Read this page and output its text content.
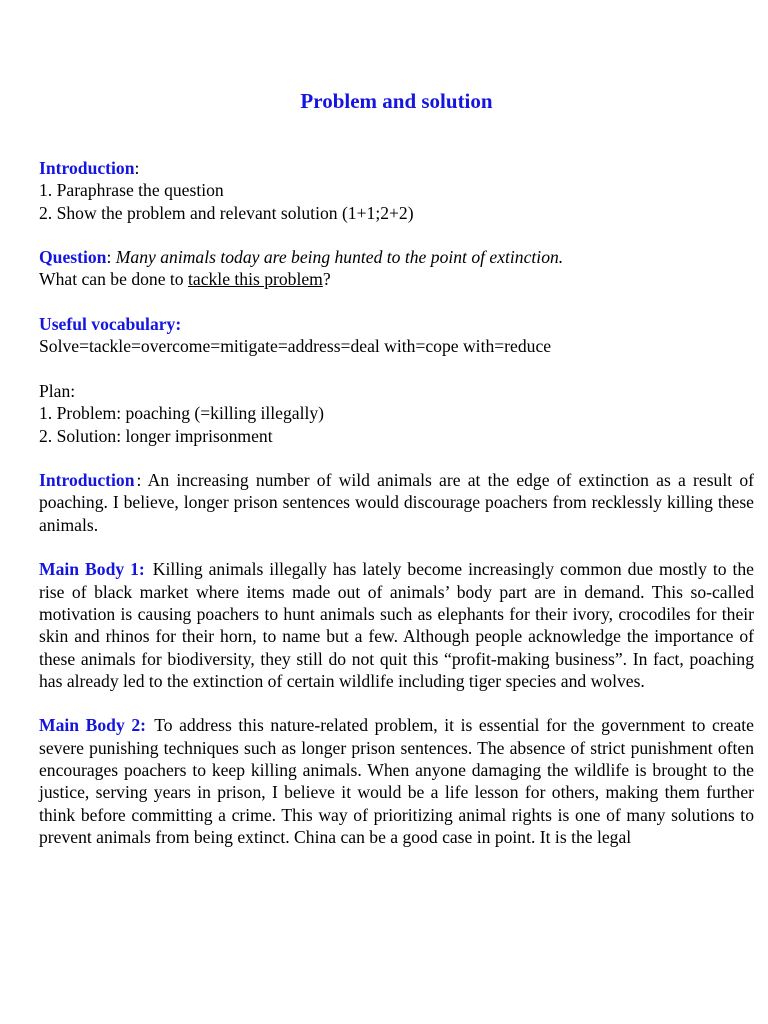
Problem and solution
Introduction:
1. Paraphrase the question
2. Show the problem and relevant solution (1+1;2+2)
Question: Many animals today are being hunted to the point of extinction.
What can be done to tackle this problem?
Useful vocabulary:
Solve=tackle=overcome=mitigate=address=deal with=cope with=reduce
Plan:
1. Problem: poaching (=killing illegally)
2. Solution: longer imprisonment
Introduction : An increasing number of wild animals are at the edge of extinction as a result of poaching. I believe, longer prison sentences would discourage poachers from recklessly killing these animals.
Main Body 1: Killing animals illegally has lately become increasingly common due mostly to the rise of black market where items made out of animals’ body part are in demand. This so-called motivation is causing poachers to hunt animals such as elephants for their ivory, crocodiles for their skin and rhinos for their horn, to name but a few. Although people acknowledge the importance of these animals for biodiversity, they still do not quit this “profit-making business”. In fact, poaching has already led to the extinction of certain wildlife including tiger species and wolves.
Main Body 2: To address this nature-related problem, it is essential for the government to create severe punishing techniques such as longer prison sentences. The absence of strict punishment often encourages poachers to keep killing animals. When anyone damaging the wildlife is brought to the justice, serving years in prison, I believe it would be a life lesson for others, making them further think before committing a crime. This way of prioritizing animal rights is one of many solutions to prevent animals from being extinct. China can be a good case in point. It is the legal
